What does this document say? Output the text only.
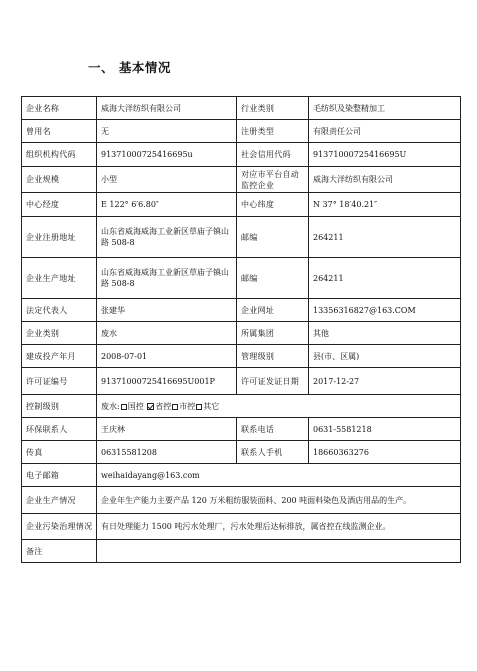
一、 基本情况
企业名称	威海大洋纺织有限公司	行业类别	毛纺织及染整精加工
曾用名	无	注册类型	有限责任公司
组织机构代码	91371000725416695u	社会信用代码	91371000725416695U
企业规模	小型	对应市平台自动监控企业	威海大洋纺织有限公司
中心经度	E 122° 6′6.80″	中心纬度	N 37° 18′40.21″
企业注册地址	山东省威海威海工业新区草庙子镇山路 508-8	邮编	264211
企业生产地址	山东省威海威海工业新区草庙子镇山路 508-8	邮编	264211
法定代表人	张建华	企业网址	13356316827@163.COM
企业类别	废水	所属集团	其他
建成投产年月	2008-07-01	管理级别	县(市、区属)
许可证编号	91371000725416695U001P	许可证发证日期	2017-12-27
控制级别	废水: 国控 省控 市控 其它		
环保联系人	王庆林	联系电话	0631-5581218
传真	06315581208	联系人手机	18660363276
电子邮箱	weihaidayang@163.com		
企业生产情况	企业年生产能力主要产品 120 万米粗纺服装面料、200 吨面料染色及酒店用品的生产。		
企业污染治理情况	有日处理能力 1500 吨污水处理厂，污水处理后达标排放，属省控在线监测企业。		
备注			
